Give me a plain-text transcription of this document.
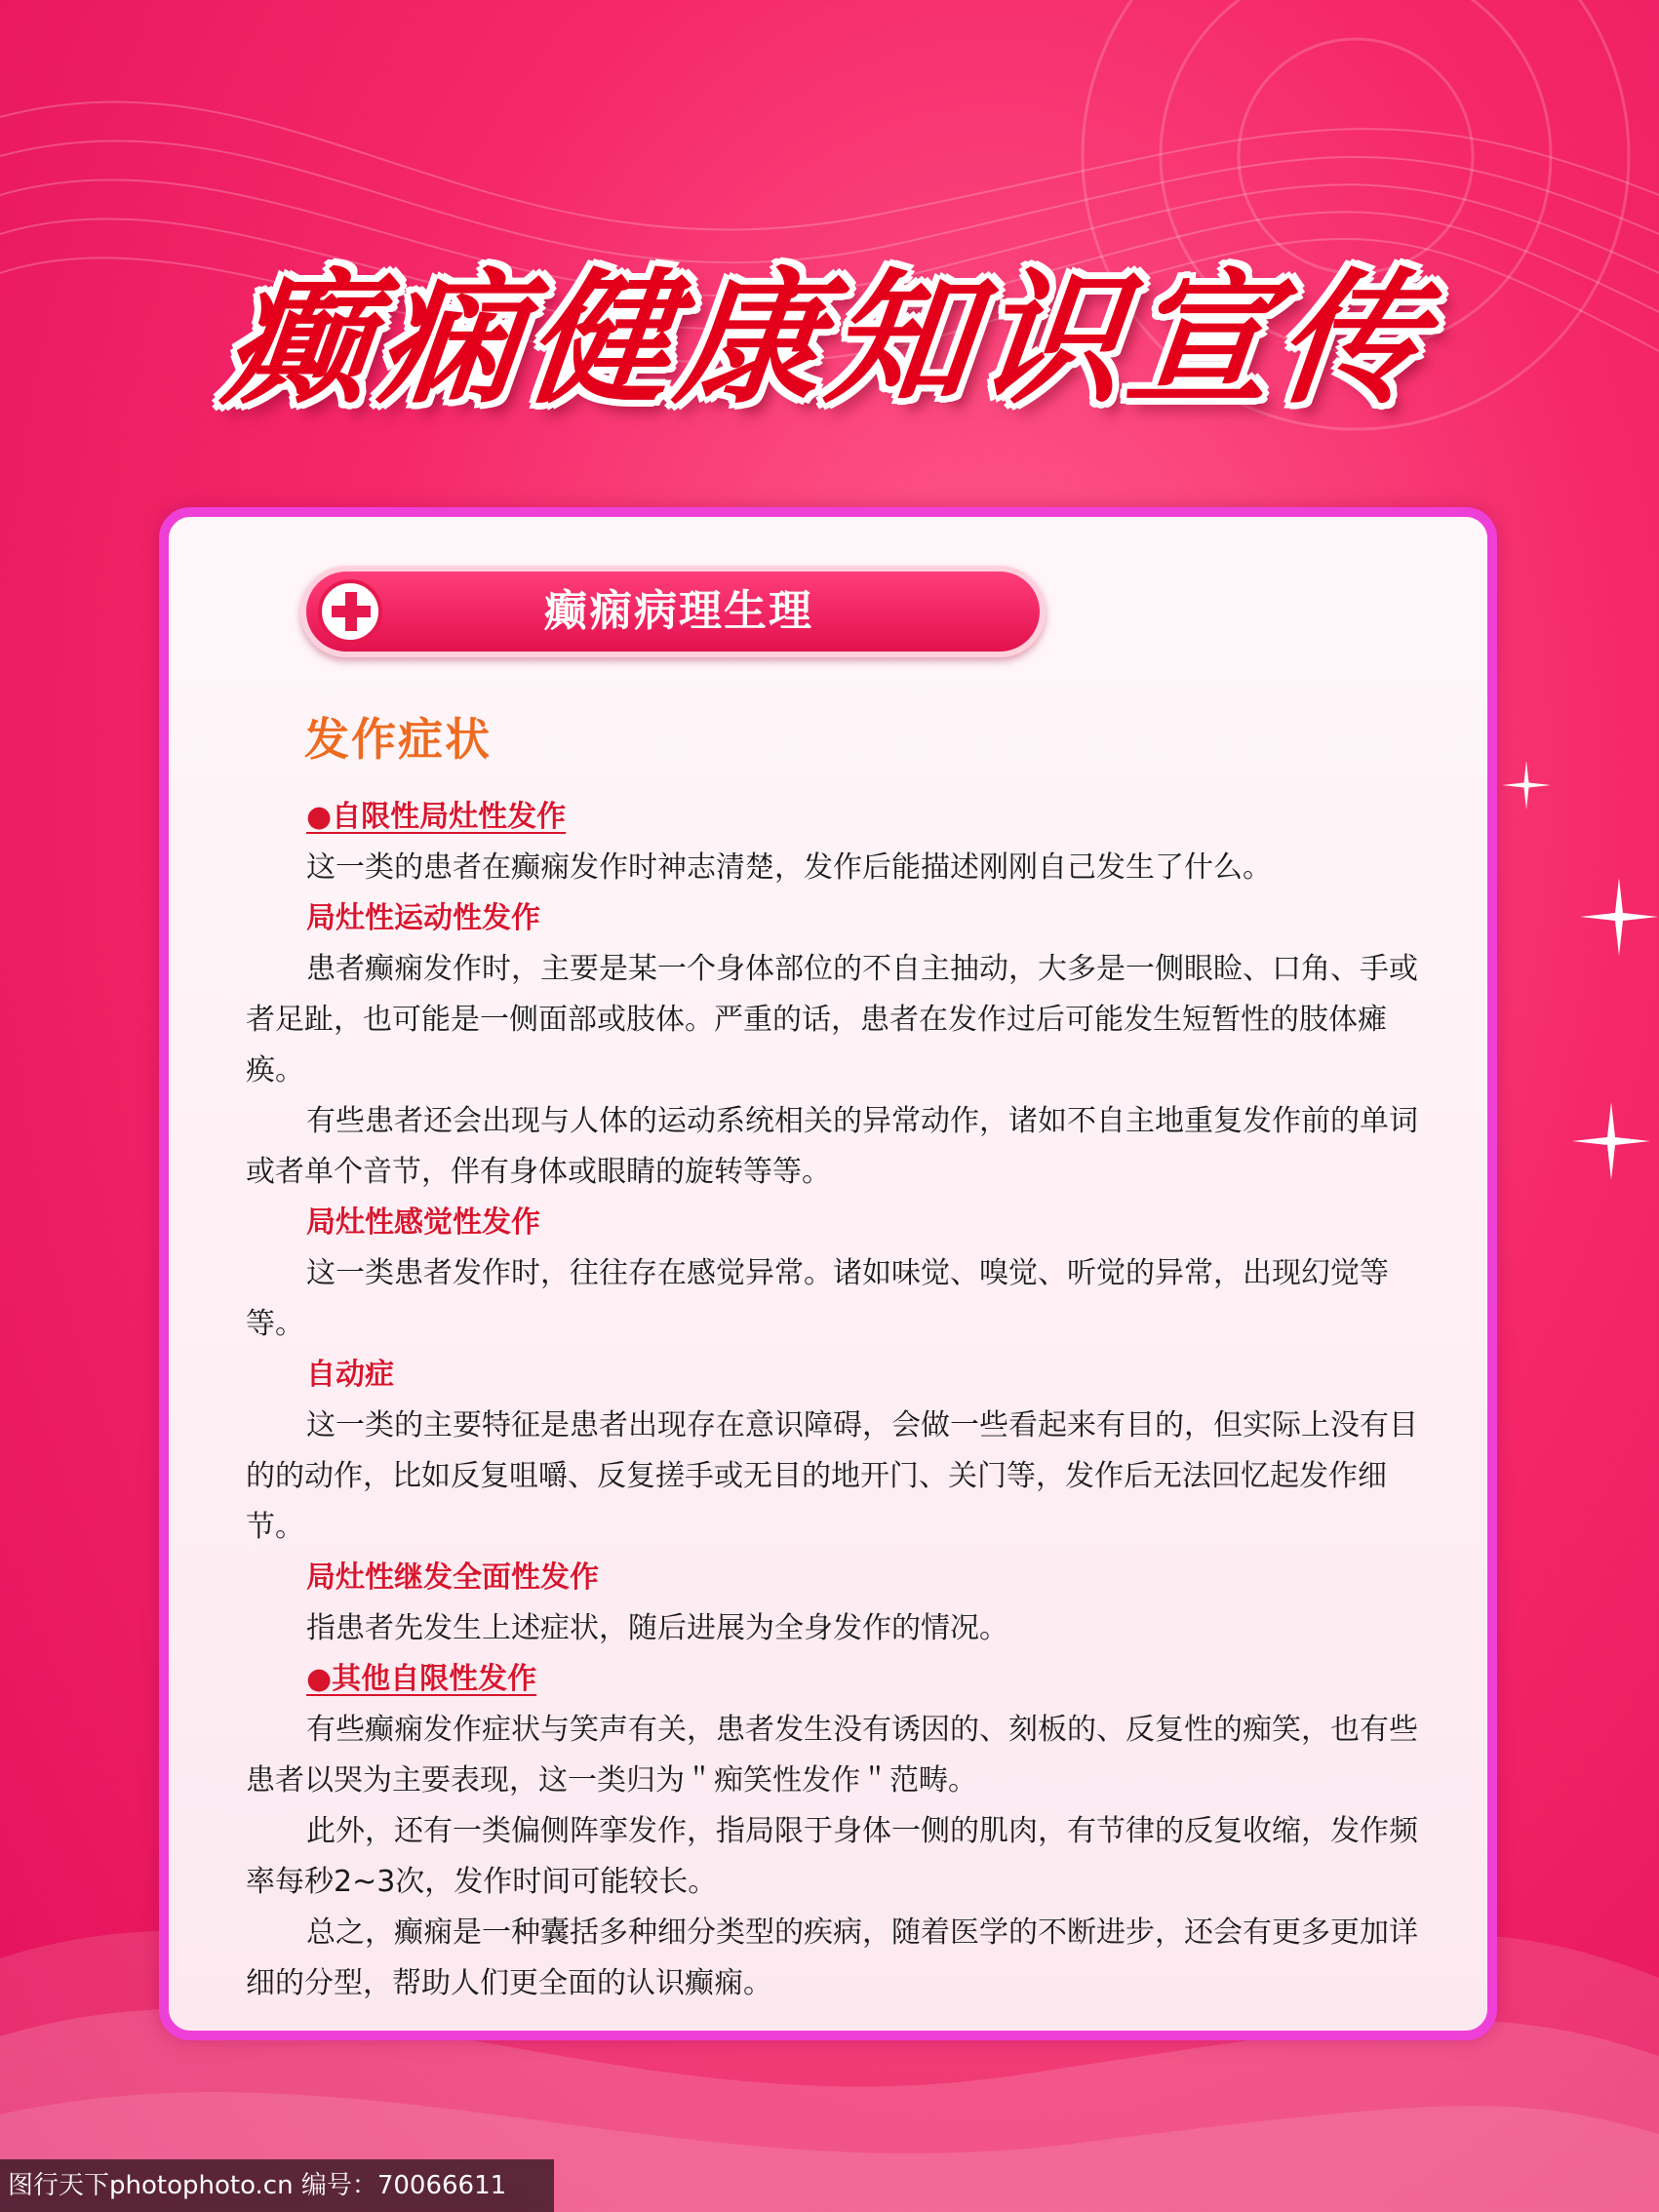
癫痫健康知识宣传
癫痫病理生理
发作症状
●自限性局灶性发作

这一类的患者在癫痫发作时神志清楚，发作后能描述刚刚自己发生了什么。

局灶性运动性发作

患者癫痫发作时，主要是某一个身体部位的不自主抽动，大多是一侧眼睑、口角、手或者足趾，也可能是一侧面部或肢体。严重的话，患者在发作过后可能发生短暂性的肢体瘫痪。

有些患者还会出现与人体的运动系统相关的异常动作，诸如不自主地重复发作前的单词或者单个音节，伴有身体或眼睛的旋转等等。

局灶性感觉性发作

这一类患者发作时，往往存在感觉异常。诸如味觉、嗅觉、听觉的异常，出现幻觉等等。

自动症

这一类的主要特征是患者出现存在意识障碍，会做一些看起来有目的，但实际上没有目的的动作，比如反复咀嚼、反复搓手或无目的地开门、关门等，发作后无法回忆起发作细节。

局灶性继发全面性发作

指患者先发生上述症状，随后进展为全身发作的情况。

●其他自限性发作

有些癫痫发作症状与笑声有关，患者发生没有诱因的、刻板的、反复性的痴笑，也有些患者以哭为主要表现，这一类归为＂痴笑性发作＂范畴。

此外，还有一类偏侧阵挛发作，指局限于身体一侧的肌肉，有节律的反复收缩，发作频率每秒2~3次，发作时间可能较长。

总之，癫痫是一种囊括多种细分类型的疾病，随着医学的不断进步，还会有更多更加详细的分型，帮助人们更全面的认识癫痫。

图行天下photophoto.cn 编号：70066611
